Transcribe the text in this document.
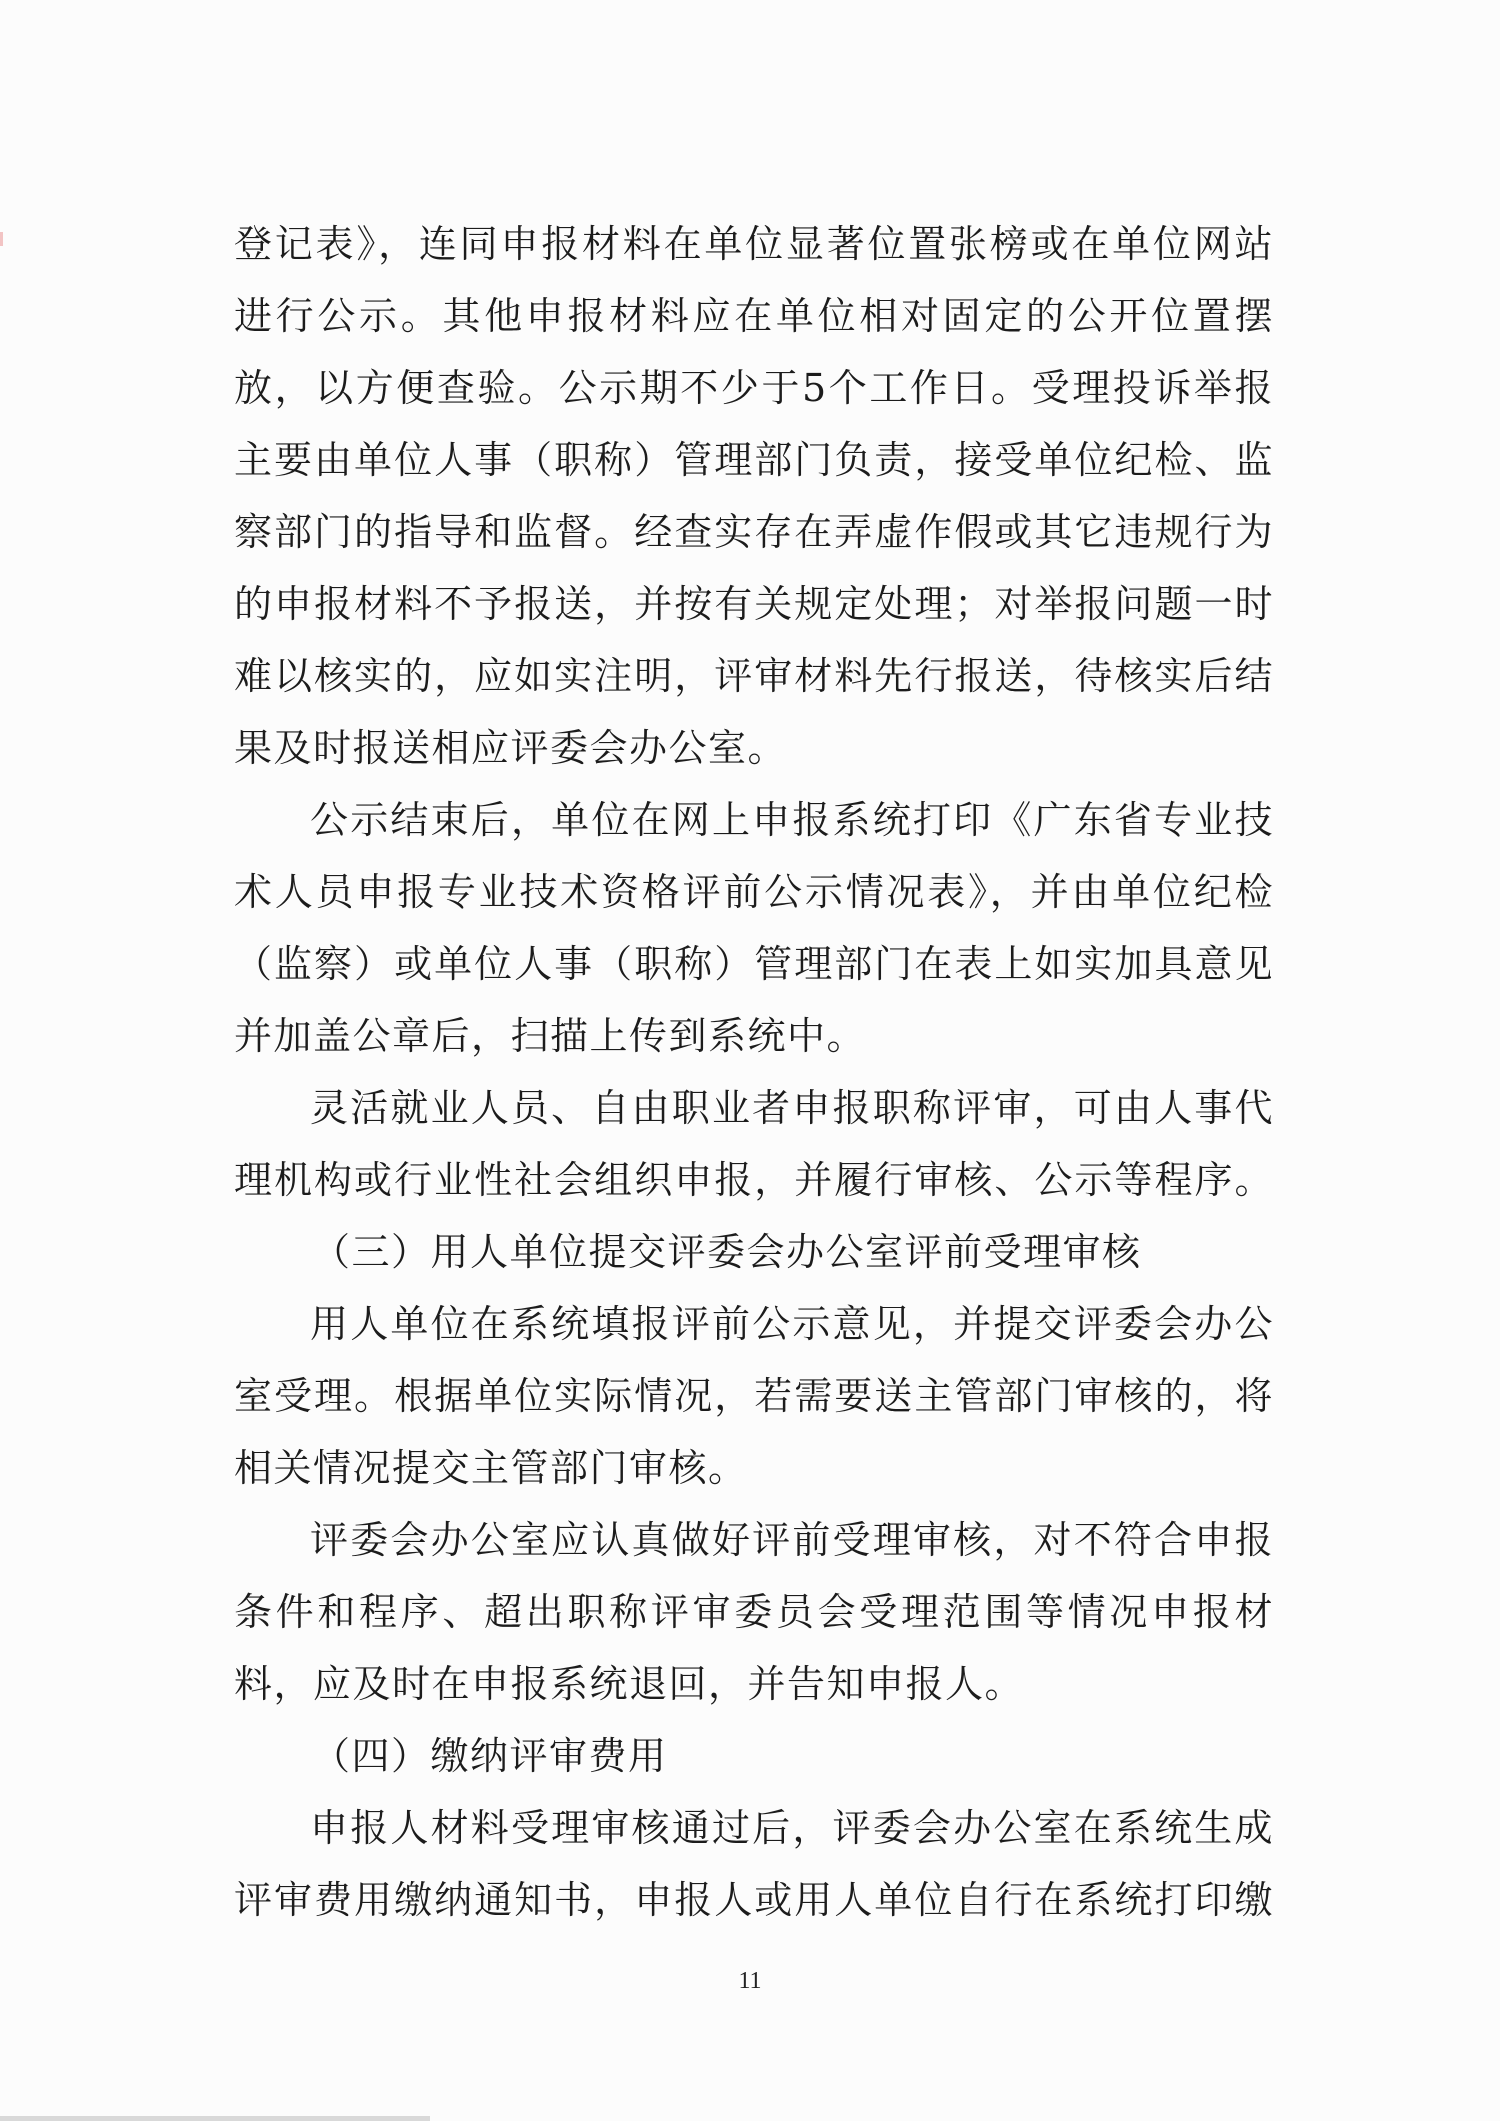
登记表》，连同申报材料在单位显著位置张榜或在单位网站
进行公示。其他申报材料应在单位相对固定的公开位置摆
放，以方便查验。公示期不少于5个工作日。受理投诉举报
主要由单位人事（职称）管理部门负责，接受单位纪检、监
察部门的指导和监督。经查实存在弄虚作假或其它违规行为
的申报材料不予报送，并按有关规定处理；对举报问题一时
难以核实的，应如实注明，评审材料先行报送，待核实后结
果及时报送相应评委会办公室。
公示结束后，单位在网上申报系统打印《广东省专业技
术人员申报专业技术资格评前公示情况表》，并由单位纪检
（监察）或单位人事（职称）管理部门在表上如实加具意见
并加盖公章后，扫描上传到系统中。
灵活就业人员、自由职业者申报职称评审，可由人事代
理机构或行业性社会组织申报，并履行审核、公示等程序。
（三）用人单位提交评委会办公室评前受理审核
用人单位在系统填报评前公示意见，并提交评委会办公
室受理。根据单位实际情况，若需要送主管部门审核的，将
相关情况提交主管部门审核。
评委会办公室应认真做好评前受理审核，对不符合申报
条件和程序、超出职称评审委员会受理范围等情况申报材
料，应及时在申报系统退回，并告知申报人。
（四）缴纳评审费用
申报人材料受理审核通过后，评委会办公室在系统生成
评审费用缴纳通知书，申报人或用人单位自行在系统打印缴
11
